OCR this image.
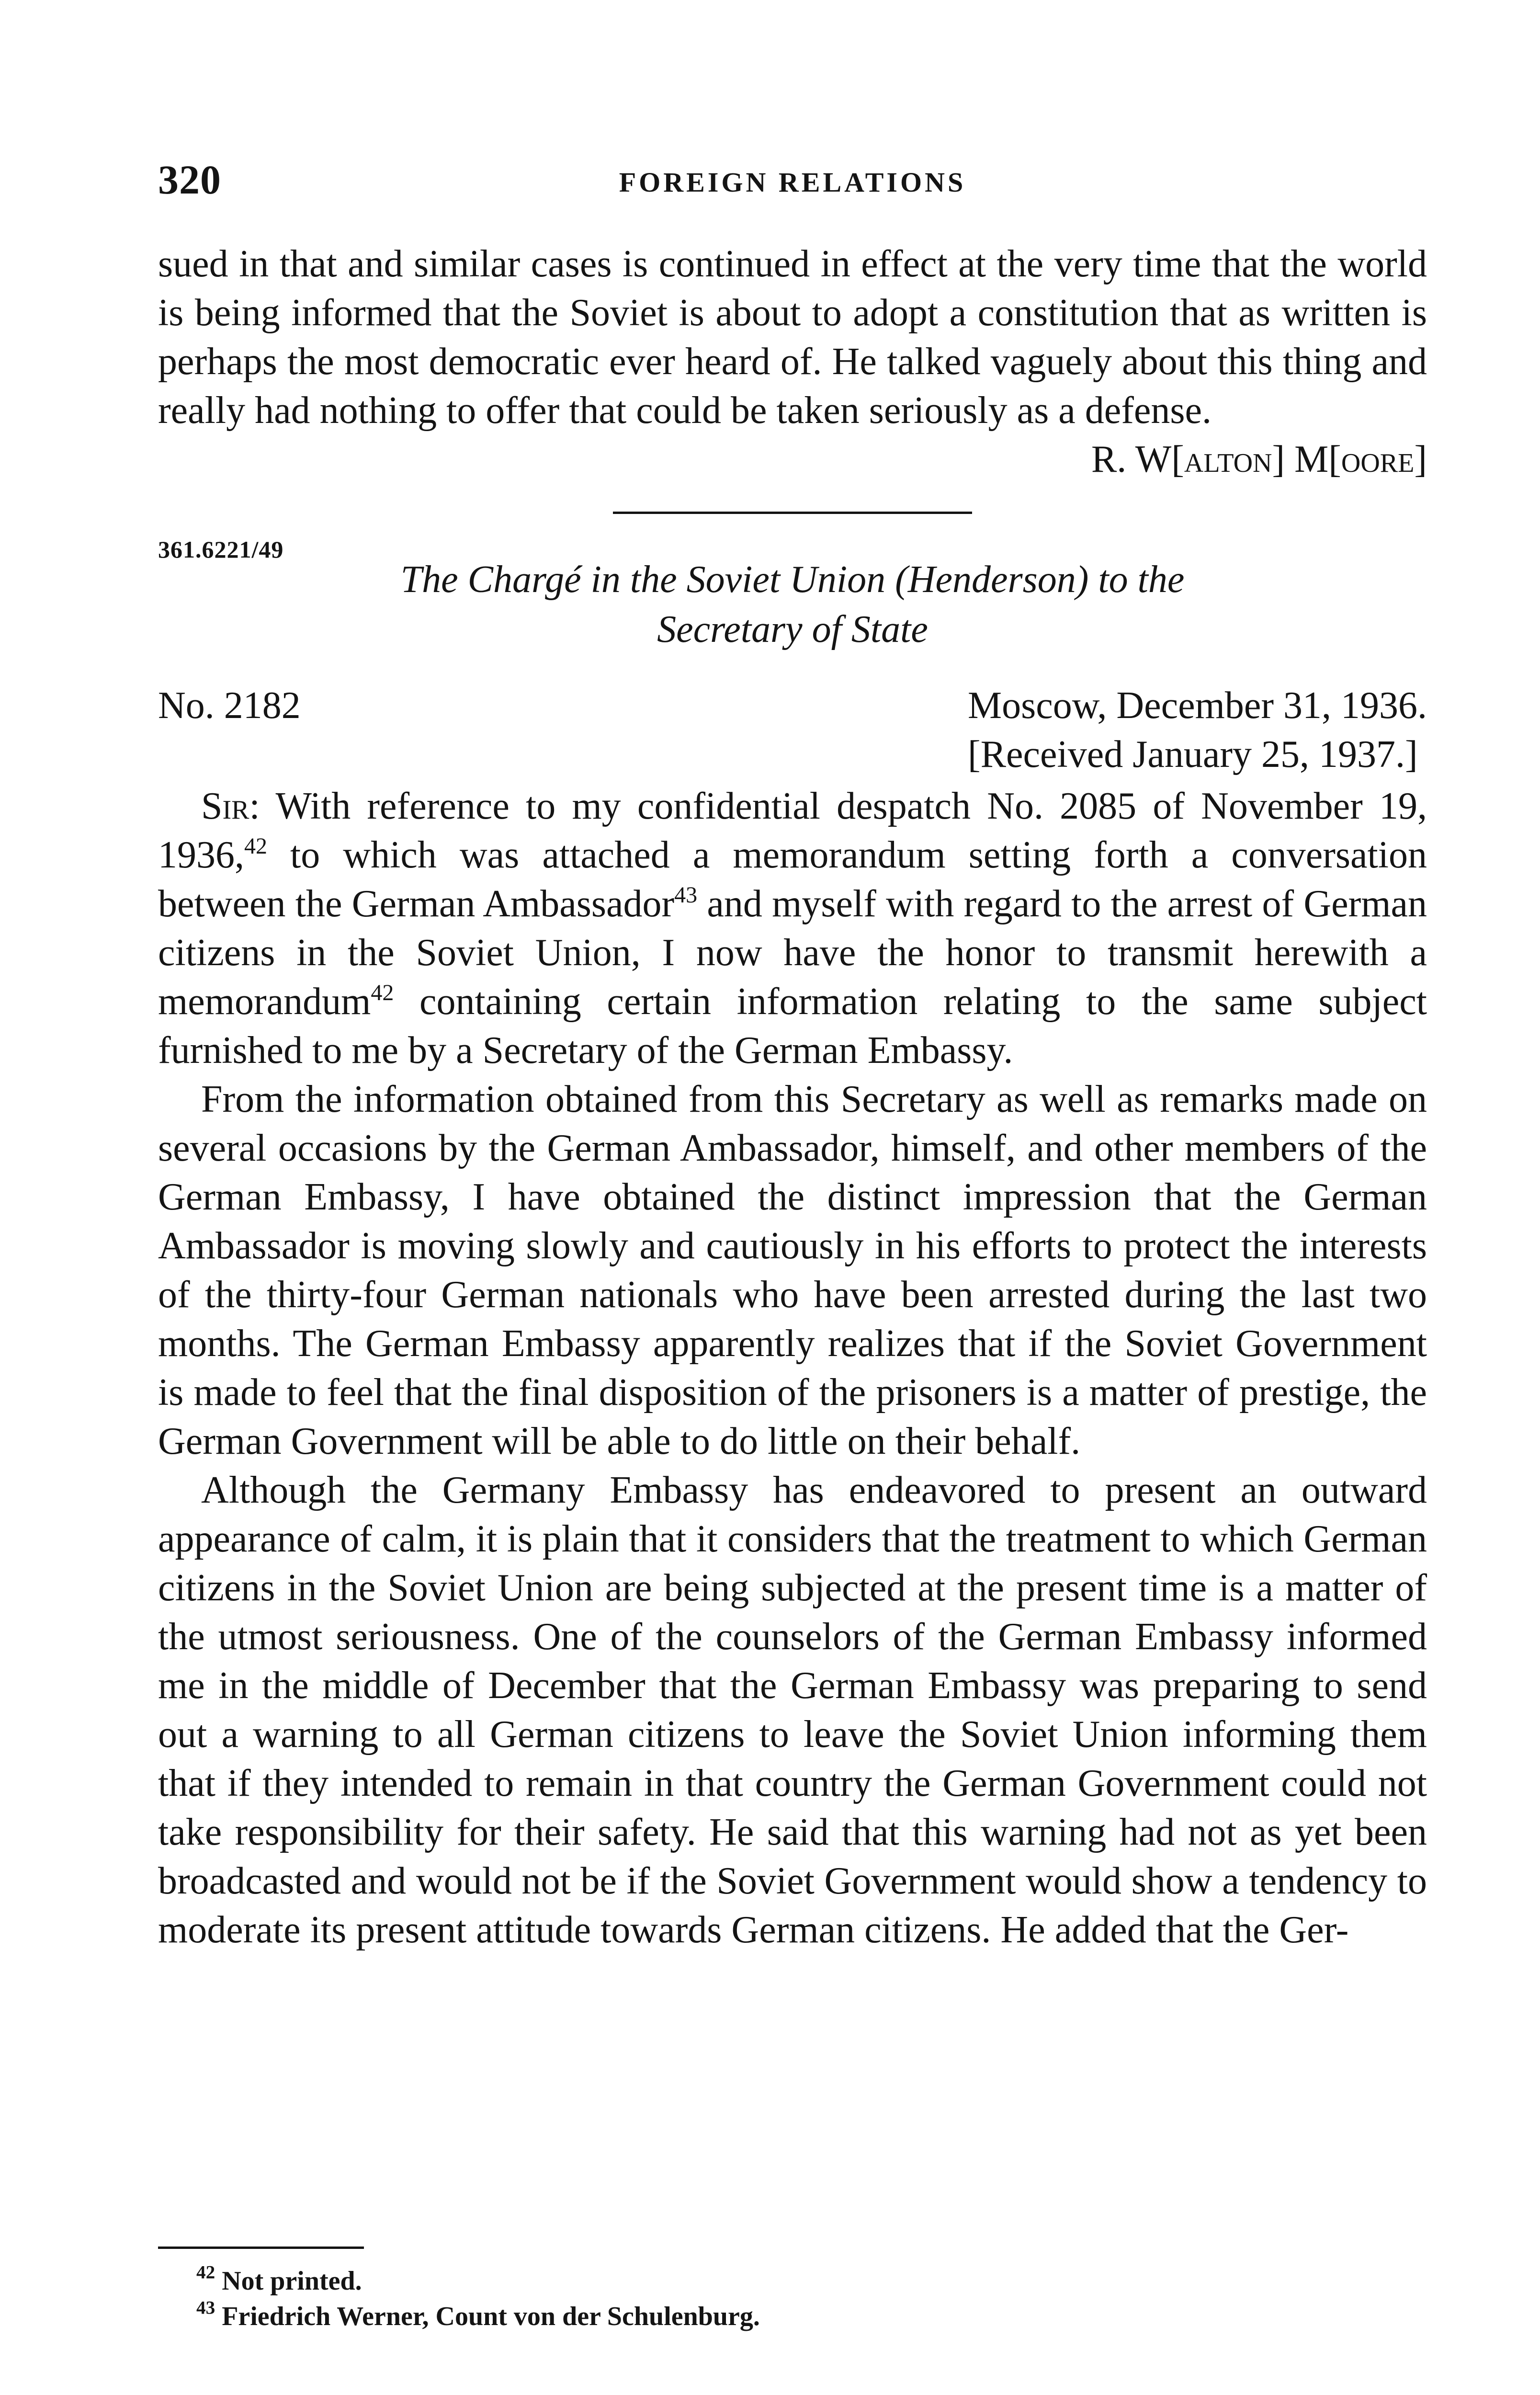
320	FOREIGN RELATIONS

sued in that and similar cases is continued in effect at the very time that the world is being informed that the Soviet is about to adopt a constitution that as written is perhaps the most democratic ever heard of. He talked vaguely about this thing and really had nothing to offer that could be taken seriously as a defense.

R. W[alton] M[oore]
361.6221/49
The Chargé in the Soviet Union (Henderson) to the
Secretary of State
No. 2182	Moscow, December 31, 1936.
[Received January 25, 1937.]

Sir: With reference to my confidential despatch No. 2085 of November 19, 1936,42 to which was attached a memorandum setting forth a conversation between the German Ambassador$^{43}$ and myself with regard to the arrest of German citizens in the Soviet Union, I now have the honor to transmit herewith a memorandum$^{42}$ containing certain information relating to the same subject furnished to me by a Secretary of the German Embassy.

From the information obtained from this Secretary as well as remarks made on several occasions by the German Ambassador, himself, and other members of the German Embassy, I have obtained the distinct impression that the German Ambassador is moving slowly and cautiously in his efforts to protect the interests of the thirty-four German nationals who have been arrested during the last two months. The German Embassy apparently realizes that if the Soviet Government is made to feel that the final disposition of the prisoners is a matter of prestige, the German Government will be able to do little on their behalf.

Although the Germany Embassy has endeavored to present an outward appearance of calm, it is plain that it considers that the treatment to which German citizens in the Soviet Union are being subjected at the present time is a matter of the utmost seriousness. One of the counselors of the German Embassy informed me in the middle of December that the German Embassy was preparing to send out a warning to all German citizens to leave the Soviet Union informing them that if they intended to remain in that country the German Government could not take responsibility for their safety. He said that this warning had not as yet been broadcasted and would not be if the Soviet Government would show a tendency to moderate its present attitude towards German citizens. He added that the Ger-

$^{42}$ Not printed.
$^{43}$ Friedrich Werner, Count von der Schulenburg.
